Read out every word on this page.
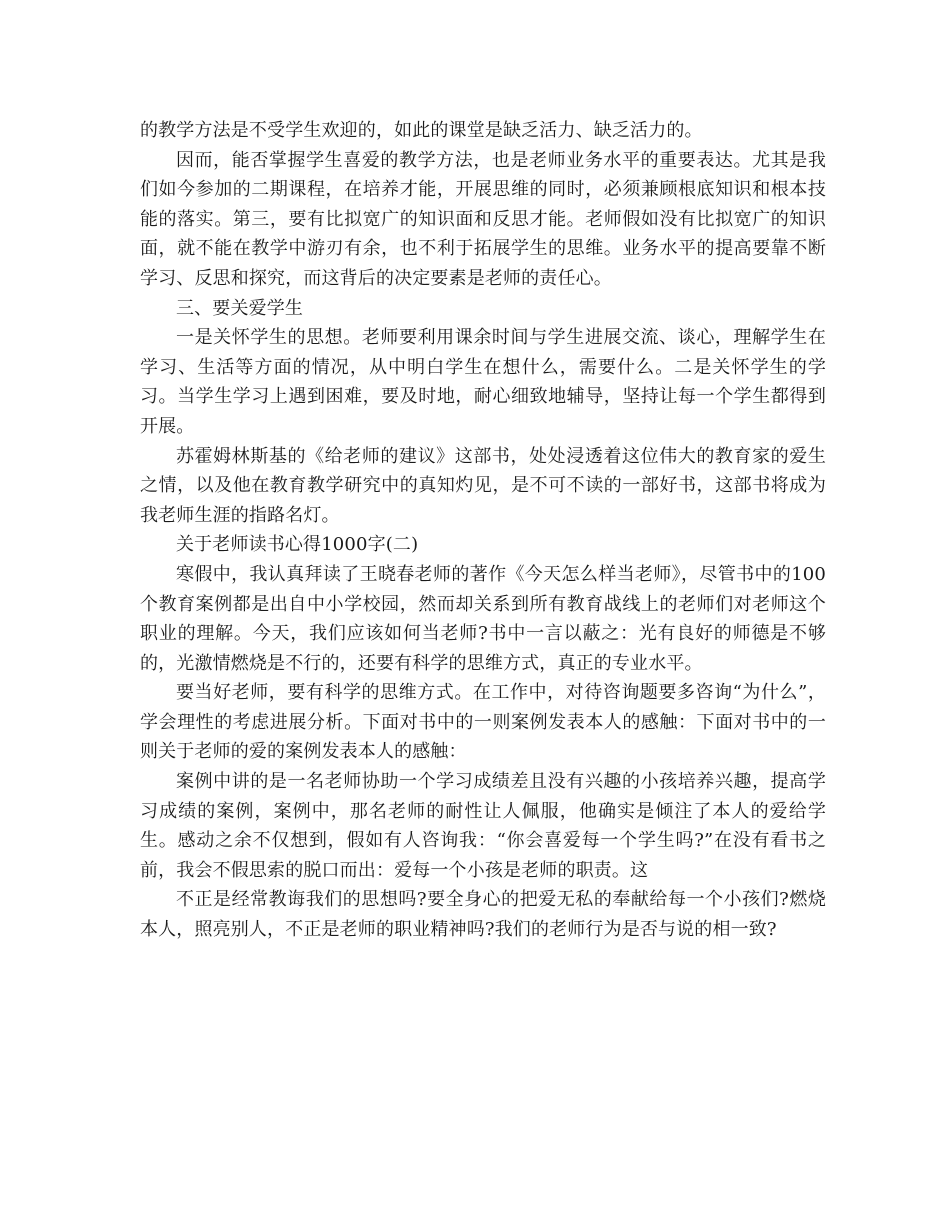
的教学方法是不受学生欢迎的，如此的课堂是缺乏活力、缺乏活力的。

因而，能否掌握学生喜爱的教学方法，也是老师业务水平的重要表达。尤其是我们如今参加的二期课程，在培养才能，开展思维的同时，必须兼顾根底知识和根本技能的落实。第三，要有比拟宽广的知识面和反思才能。老师假如没有比拟宽广的知识面，就不能在教学中游刃有余，也不利于拓展学生的思维。业务水平的提高要靠不断学习、反思和探究，而这背后的决定要素是老师的责任心。

三、要关爱学生

一是关怀学生的思想。老师要利用课余时间与学生进展交流、谈心，理解学生在学习、生活等方面的情况，从中明白学生在想什么，需要什么。二是关怀学生的学习。当学生学习上遇到困难，要及时地，耐心细致地辅导，坚持让每一个学生都得到开展。

苏霍姆林斯基的《给老师的建议》这部书，处处浸透着这位伟大的教育家的爱生之情，以及他在教育教学研究中的真知灼见，是不可不读的一部好书，这部书将成为我老师生涯的指路名灯。

关于老师读书心得1000字(二)

寒假中，我认真拜读了王晓春老师的著作《今天怎么样当老师》，尽管书中的100个教育案例都是出自中小学校园，然而却关系到所有教育战线上的老师们对老师这个职业的理解。今天，我们应该如何当老师?书中一言以蔽之：光有良好的师德是不够的，光激情燃烧是不行的，还要有科学的思维方式，真正的专业水平。

要当好老师，要有科学的思维方式。在工作中，对待咨询题要多咨询“为什么”，学会理性的考虑进展分析。下面对书中的一则案例发表本人的感触：下面对书中的一则关于老师的爱的案例发表本人的感触：

案例中讲的是一名老师协助一个学习成绩差且没有兴趣的小孩培养兴趣，提高学习成绩的案例，案例中，那名老师的耐性让人佩服，他确实是倾注了本人的爱给学生。感动之余不仅想到，假如有人咨询我：“你会喜爱每一个学生吗?”在没有看书之前，我会不假思索的脱口而出：爱每一个小孩是老师的职责。这

不正是经常教诲我们的思想吗?要全身心的把爱无私的奉献给每一个小孩们?燃烧本人，照亮别人，不正是老师的职业精神吗?我们的老师行为是否与说的相一致?
